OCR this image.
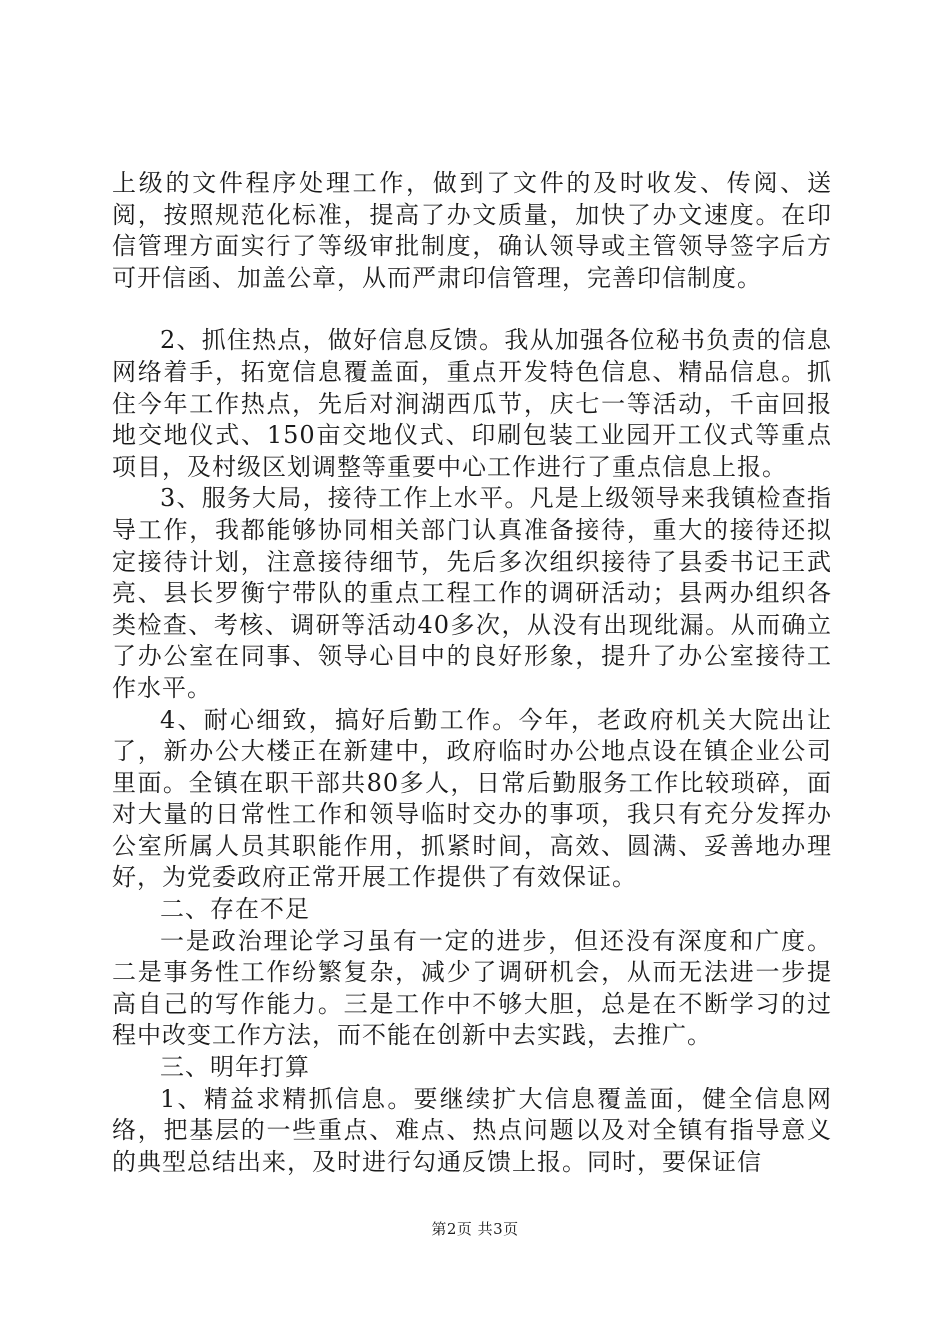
上级的文件程序处理工作，做到了文件的及时收发、传阅、送阅，按照规范化标准，提高了办文质量，加快了办文速度。在印信管理方面实行了等级审批制度，确认领导或主管领导签字后方可开信函、加盖公章，从而严肃印信管理，完善印信制度。

2、抓住热点，做好信息反馈。我从加强各位秘书负责的信息网络着手，拓宽信息覆盖面，重点开发特色信息、精品信息。抓住今年工作热点，先后对涧湖西瓜节，庆七一等活动，千亩回报地交地仪式、150亩交地仪式、印刷包装工业园开工仪式等重点项目，及村级区划调整等重要中心工作进行了重点信息上报。

3、服务大局，接待工作上水平。凡是上级领导来我镇检查指导工作，我都能够协同相关部门认真准备接待，重大的接待还拟定接待计划，注意接待细节，先后多次组织接待了县委书记王武亮、县长罗衡宁带队的重点工程工作的调研活动；县两办组织各类检查、考核、调研等活动40多次，从没有出现纰漏。从而确立了办公室在同事、领导心目中的良好形象，提升了办公室接待工作水平。

4、耐心细致，搞好后勤工作。今年，老政府机关大院出让了，新办公大楼正在新建中，政府临时办公地点设在镇企业公司里面。全镇在职干部共80多人，日常后勤服务工作比较琐碎，面对大量的日常性工作和领导临时交办的事项，我只有充分发挥办公室所属人员其职能作用，抓紧时间，高效、圆满、妥善地办理好，为党委政府正常开展工作提供了有效保证。

二、存在不足

一是政治理论学习虽有一定的进步，但还没有深度和广度。二是事务性工作纷繁复杂，减少了调研机会，从而无法进一步提高自己的写作能力。三是工作中不够大胆，总是在不断学习的过程中改变工作方法，而不能在创新中去实践，去推广。

三、明年打算

1、精益求精抓信息。要继续扩大信息覆盖面，健全信息网络，把基层的一些重点、难点、热点问题以及对全镇有指导意义的典型总结出来，及时进行勾通反馈上报。同时，要保证信

第2页 共3页
